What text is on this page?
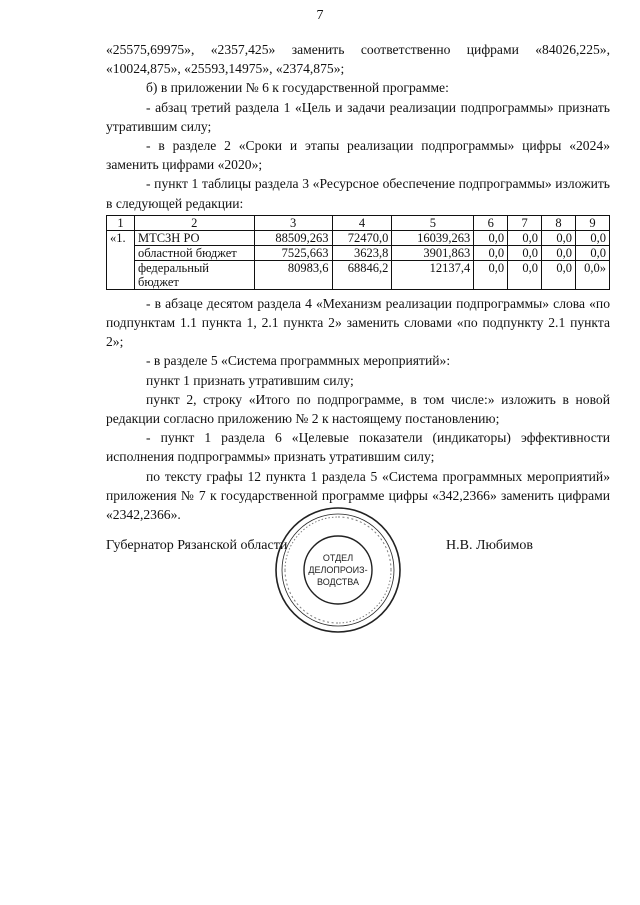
7

«25575,69975», «2357,425» заменить соответственно цифрами «84026,225», «10024,875», «25593,14975», «2374,875»;

б) в приложении № 6 к государственной программе:

- абзац третий раздела 1 «Цель и задачи реализации подпрограммы» признать утратившим силу;

- в разделе 2 «Сроки и этапы реализации подпрограммы» цифры «2024» заменить цифрами «2020»;

- пункт 1 таблицы раздела 3 «Ресурсное обеспечение подпрограммы» изложить в следующей редакции:

1	2	3	4	5	6	7	8	9
«1.	МТСЗН РО	88509,263	72470,0	16039,263	0,0	0,0	0,0	0,0
	областной бюджет	7525,663	3623,8	3901,863	0,0	0,0	0,0	0,0
	федеральный бюджет	80983,6	68846,2	12137,4	0,0	0,0	0,0	0,0»

- в абзаце десятом раздела 4 «Механизм реализации подпрограммы» слова «по подпунктам 1.1 пункта 1, 2.1 пункта 2» заменить словами «по подпункту 2.1 пункта 2»;

- в разделе 5 «Система программных мероприятий»:

пункт 1 признать утратившим силу;

пункт 2, строку «Итого по подпрограмме, в том числе:» изложить в новой редакции согласно приложению № 2 к настоящему постановлению;

- пункт 1 раздела 6 «Целевые показатели (индикаторы) эффективности исполнения подпрограммы» признать утратившим силу;

по тексту графы 12 пункта 1 раздела 5 «Система программных мероприятий» приложения № 7 к государственной программе цифры «342,2366» заменить цифрами «2342,2366».

Губернатор Рязанской области	Н.В. Любимов
ОТДЕЛ
ДЕЛОПРОИЗ-
ВОДСТВА
